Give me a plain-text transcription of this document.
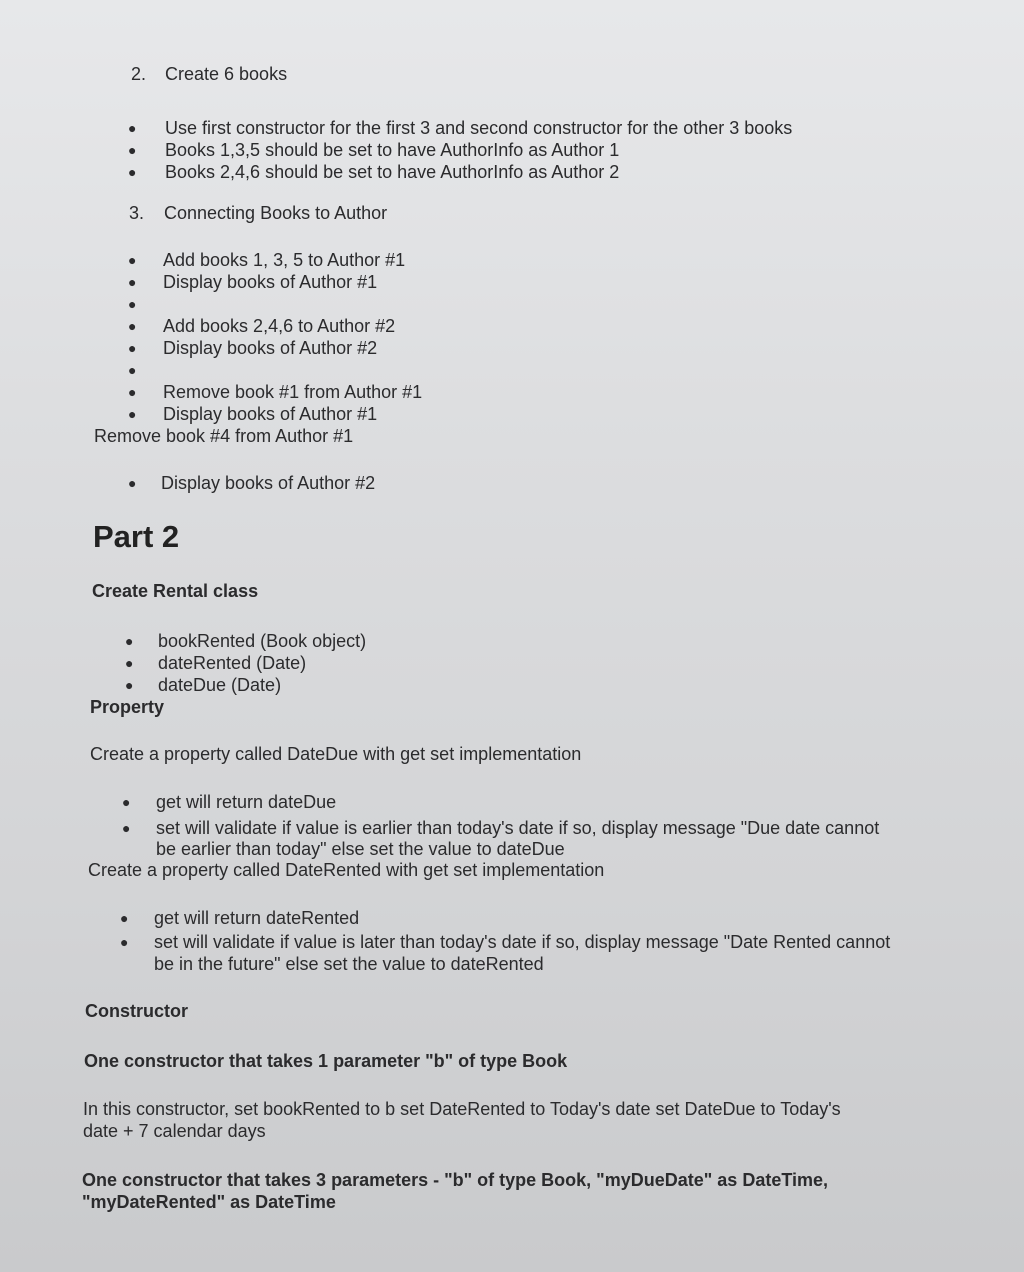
2. Create 6 books
● Use first constructor for the first 3 and second constructor for the other 3 books
● Books 1,3,5 should be set to have AuthorInfo as Author 1
● Books 2,4,6 should be set to have AuthorInfo as Author 2
3. Connecting Books to Author
● Add books 1, 3, 5 to Author #1
● Display books of Author #1
●
● Add books 2,4,6 to Author #2
● Display books of Author #2
●
● Remove book #1 from Author #1
● Display books of Author #1
Remove book #4 from Author #1
● Display books of Author #2
Part 2
Create Rental class
● bookRented (Book object)
● dateRented (Date)
● dateDue (Date)
Property
Create a property called DateDue with get set implementation
● get will return dateDue
● set will validate if value is earlier than today's date if so, display message "Due date cannot
be earlier than today" else set the value to dateDue
Create a property called DateRented with get set implementation
● get will return dateRented
● set will validate if value is later than today's date if so, display message "Date Rented cannot
be in the future" else set the value to dateRented
Constructor
One constructor that takes 1 parameter "b" of type Book
In this constructor, set bookRented to b set DateRented to Today's date set DateDue to Today's
date + 7 calendar days
One constructor that takes 3 parameters - "b" of type Book, "myDueDate" as DateTime,
"myDateRented" as DateTime
